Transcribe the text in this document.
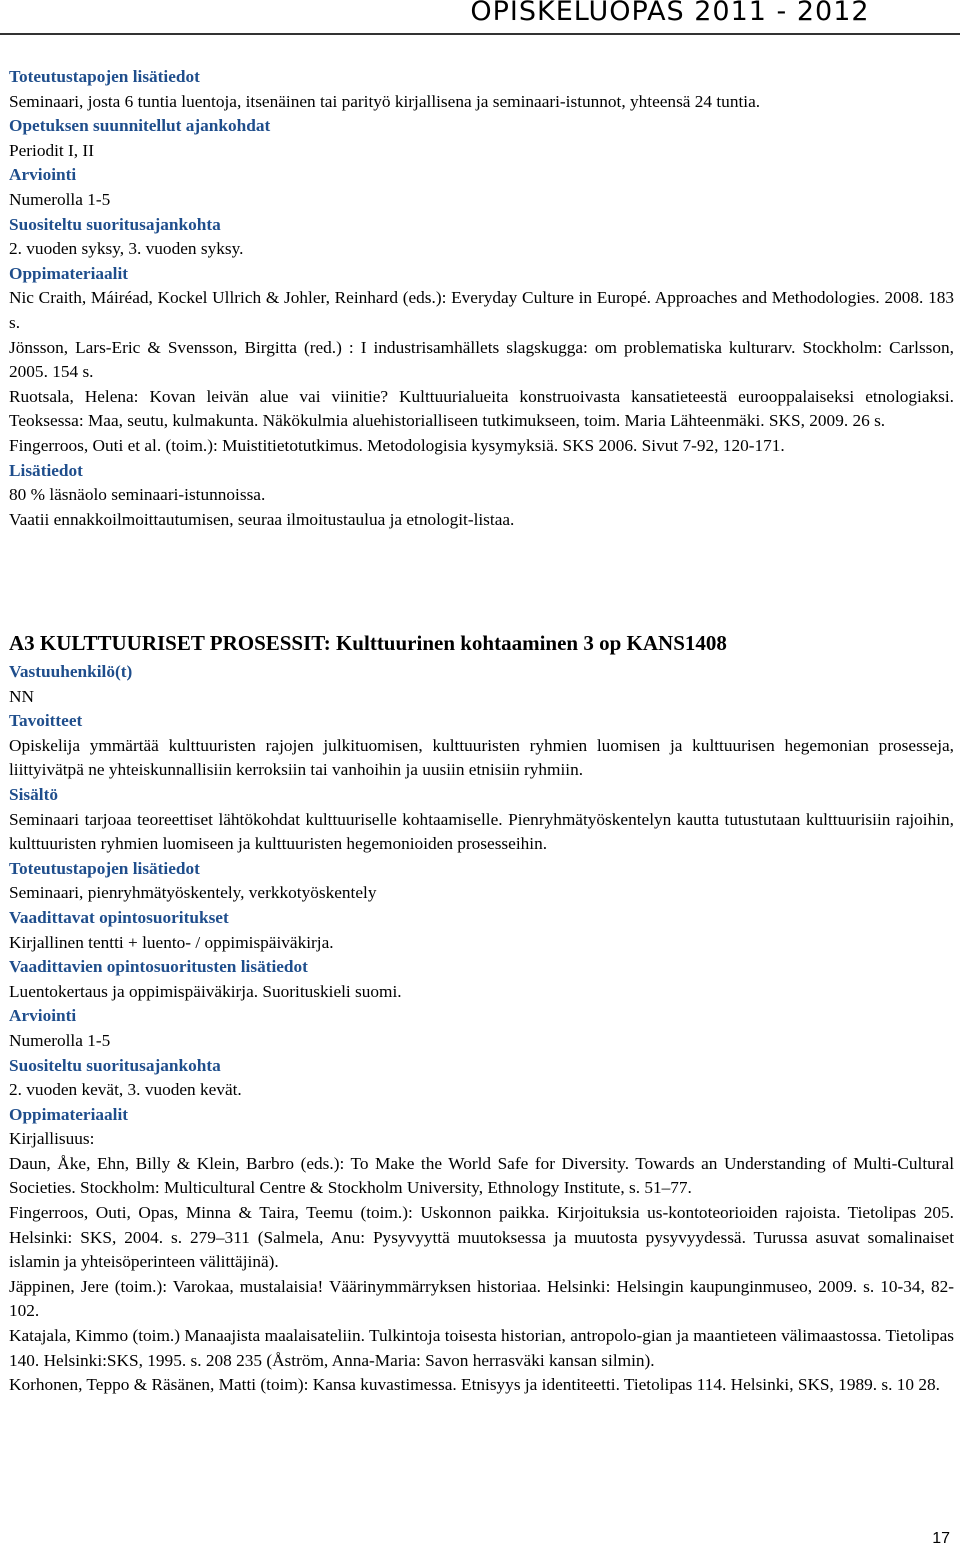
OPISKELUOPAS 2011 - 2012

Toteutustapojen lisätiedot

Seminaari, josta 6 tuntia luentoja, itsenäinen tai parityö kirjallisena ja seminaari-istunnot, yhteensä 24 tuntia.

Opetuksen suunnitellut ajankohdat

Periodit I, II

Arviointi

Numerolla 1-5

Suositeltu suoritusajankohta

2. vuoden syksy, 3. vuoden syksy.

Oppimateriaalit

Nic Craith, Máiréad, Kockel Ullrich & Johler, Reinhard (eds.): Everyday Culture in Europé. Approaches and Methodologies. 2008. 183 s.

Jönsson, Lars-Eric & Svensson, Birgitta (red.) : I industrisamhällets slagskugga: om problematiska kulturarv. Stockholm: Carlsson, 2005. 154 s.

Ruotsala, Helena: Kovan leivän alue vai viinitie? Kulttuurialueita konstruoivasta kansatieteestä eurooppalaiseksi etnologiaksi. Teoksessa: Maa, seutu, kulmakunta. Näkökulmia aluehistorialliseen tutkimukseen, toim. Maria Lähteenmäki. SKS, 2009. 26 s.

Fingerroos, Outi et al. (toim.): Muistitietotutkimus. Metodologisia kysymyksiä. SKS 2006. Sivut 7-92, 120-171.

Lisätiedot

80 % läsnäolo seminaari-istunnoissa.

Vaatii ennakkoilmoittautumisen, seuraa ilmoitustaulua ja etnologit-listaa.

A3 KULTTUURISET PROSESSIT: Kulttuurinen kohtaaminen 3 op KANS1408

Vastuuhenkilö(t)

NN

Tavoitteet

Opiskelija ymmärtää kulttuuristen rajojen julkituomisen, kulttuuristen ryhmien luomisen ja kulttuurisen hegemonian prosesseja, liittyivätpä ne yhteiskunnallisiin kerroksiin tai vanhoihin ja uusiin etnisiin ryhmiin.

Sisältö

Seminaari tarjoaa teoreettiset lähtökohdat kulttuuriselle kohtaamiselle. Pienryhmätyöskentelyn kautta tutustutaan kulttuurisiin rajoihin, kulttuuristen ryhmien luomiseen ja kulttuuristen hegemonioiden prosesseihin.

Toteutustapojen lisätiedot

Seminaari, pienryhmätyöskentely, verkkotyöskentely

Vaadittavat opintosuoritukset

Kirjallinen tentti + luento- / oppimispäiväkirja.

Vaadittavien opintosuoritusten lisätiedot

Luentokertaus ja oppimispäiväkirja. Suorituskieli suomi.

Arviointi

Numerolla 1-5

Suositeltu suoritusajankohta

2. vuoden kevät, 3. vuoden kevät.

Oppimateriaalit

Kirjallisuus:

Daun, Åke, Ehn, Billy & Klein, Barbro (eds.): To Make the World Safe for Diversity. Towards an Understanding of Multi-Cultural Societies. Stockholm: Multicultural Centre & Stockholm University, Ethnology Institute, s. 51–77.

Fingerroos, Outi, Opas, Minna & Taira, Teemu (toim.): Uskonnon paikka. Kirjoituksia us-kontoteorioiden rajoista. Tietolipas 205. Helsinki: SKS, 2004. s. 279–311 (Salmela, Anu: Pysyvyyttä muutoksessa ja muutosta pysyvyydessä. Turussa asuvat somalinaiset islamin ja yhteisöperinteen välittäjinä).

Jäppinen, Jere (toim.): Varokaa, mustalaisia! Väärinymmärryksen historiaa. Helsinki: Helsingin kaupunginmuseo, 2009. s. 10-34, 82-102.

Katajala, Kimmo (toim.) Manaajista maalaisateliin. Tulkintoja toisesta historian, antropolo-gian ja maantieteen välimaastossa. Tietolipas 140. Helsinki:SKS, 1995. s. 208 235 (Åström, Anna-Maria: Savon herrasväki kansan silmin).

Korhonen, Teppo & Räsänen, Matti (toim): Kansa kuvastimessa. Etnisyys ja identiteetti. Tietolipas 114. Helsinki, SKS, 1989. s. 10 28.

17
